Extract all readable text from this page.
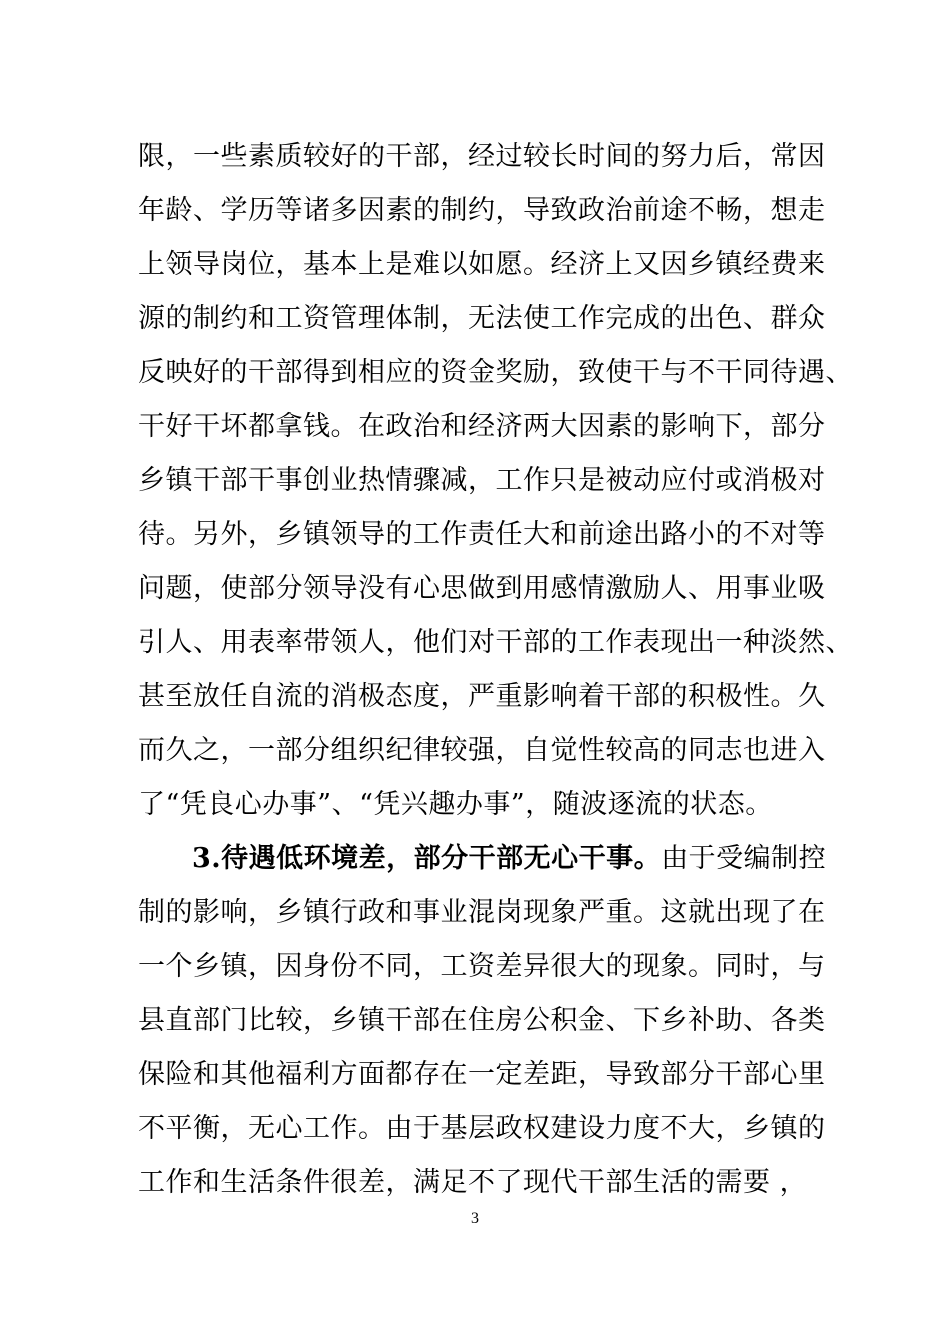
限，一些素质较好的干部，经过较长时间的努力后，常因
年龄、学历等诸多因素的制约，导致政治前途不畅，想走
上领导岗位，基本上是难以如愿。经济上又因乡镇经费来
源的制约和工资管理体制，无法使工作完成的出色、群众
反映好的干部得到相应的资金奖励，致使干与不干同待遇、
干好干坏都拿钱。在政治和经济两大因素的影响下，部分
乡镇干部干事创业热情骤减，工作只是被动应付或消极对
待。另外，乡镇领导的工作责任大和前途出路小的不对等
问题，使部分领导没有心思做到用感情激励人、用事业吸
引人、用表率带领人，他们对干部的工作表现出一种淡然、
甚至放任自流的消极态度，严重影响着干部的积极性。久
而久之，一部分组织纪律较强，自觉性较高的同志也进入
了“凭良心办事”、“凭兴趣办事”，随波逐流的状态。
3.待遇低环境差，部分干部无心干事。由于受编制控
制的影响，乡镇行政和事业混岗现象严重。这就出现了在
一个乡镇，因身份不同，工资差异很大的现象。同时，与
县直部门比较，乡镇干部在住房公积金、下乡补助、各类
保险和其他福利方面都存在一定差距，导致部分干部心里
不平衡，无心工作。由于基层政权建设力度不大，乡镇的
工作和生活条件很差，满足不了现代干部生活的需要 ，
3
